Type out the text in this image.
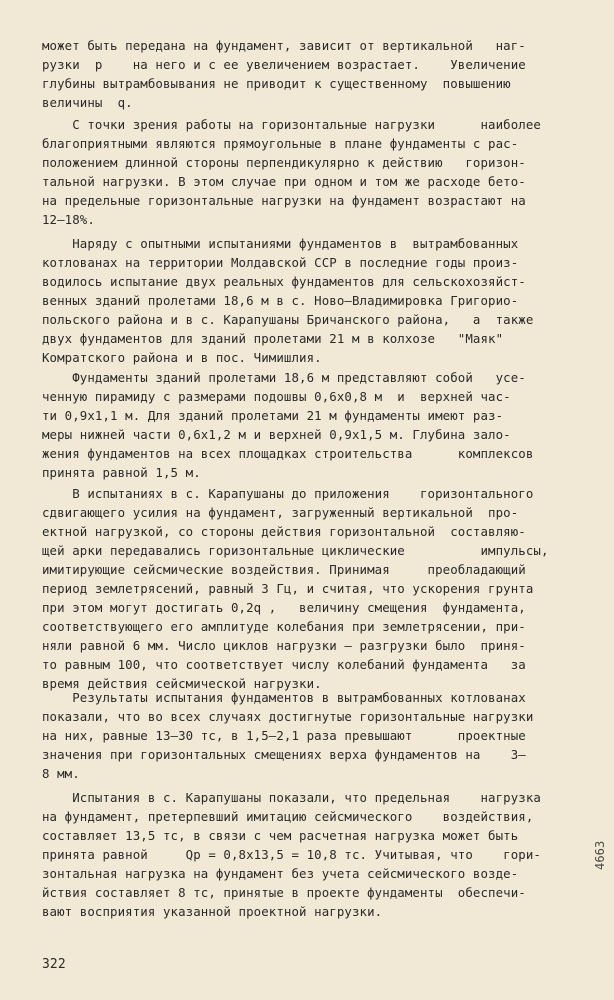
может быть передана на фундамент, зависит от вертикальной   наг-
рузки  p    на него и с ее увеличением возрастает.    Увеличение
глубины вытрамбовывания не приводит к существенному  повышению
величины  q.
С точки зрения работы на горизонтальные нагрузки      наиболее
благоприятными являются прямоугольные в плане фундаменты с рас-
положением длинной стороны перпендикулярно к действию   горизон-
тальной нагрузки. В этом случае при одном и том же расходе бето-
на предельные горизонтальные нагрузки на фундамент возрастают на
12–18%.
Наряду с опытными испытаниями фундаментов в  вытрамбованных
котлованах на территории Молдавской ССР в последние годы произ-
водилось испытание двух реальных фундаментов для сельскохозяйст-
венных зданий пролетами 18,6 м в с. Ново–Владимировка Григорио-
польского района и в с. Карапушаны Бричанского района,   а  также
двух фундаментов для зданий пролетами 21 м в колхозе   "Маяк"
Комратского района и в пос. Чимишлия.
Фундаменты зданий пролетами 18,6 м представляют собой   усе-
ченную пирамиду с размерами подошвы 0,6х0,8 м  и  верхней час-
ти 0,9х1,1 м. Для зданий пролетами 21 м фундаменты имеют раз-
меры нижней части 0,6х1,2 м и верхней 0,9х1,5 м. Глубина зало-
жения фундаментов на всех площадках строительства      комплексов
принята равной 1,5 м.
В испытаниях в с. Карапушаны до приложения    горизонтального
сдвигающего усилия на фундамент, загруженный вертикальной  про-
ектной нагрузкой, со стороны действия горизонтальной  составляю-
щей арки передавались горизонтальные циклические          импульсы,
имитирующие сейсмические воздействия. Принимая     преобладающий
период землетрясений, равный 3 Гц, и считая, что ускорения грунта
при этом могут достигать 0,2q ,   величину смещения  фундамента,
соответствующего его амплитуде колебания при землетрясении, при-
няли равной 6 мм. Число циклов нагрузки – разгрузки было  приня-
то равным 100, что соответствует числу колебаний фундамента   за
время действия сейсмической нагрузки.
Результаты испытания фундаментов в вытрамбованных котлованах
показали, что во всех случаях достигнутые горизонтальные нагрузки
на них, равные 13–30 тс, в 1,5–2,1 раза превышают      проектные
значения при горизонтальных смещениях верха фундаментов на    3–
8 мм.
Испытания в с. Карапушаны показали, что предельная    нагрузка
на фундамент, претерпевший имитацию сейсмического    воздействия,
составляет 13,5 тс, в связи с чем расчетная нагрузка может быть
принята равной     Qp = 0,8х13,5 = 10,8 тс. Учитывая, что    гори-
зонтальная нагрузка на фундамент без учета сейсмического возде-
йствия составляет 8 тс, принятые в проекте фундаменты  обеспечи-
вают восприятия указанной проектной нагрузки.
322
4663
